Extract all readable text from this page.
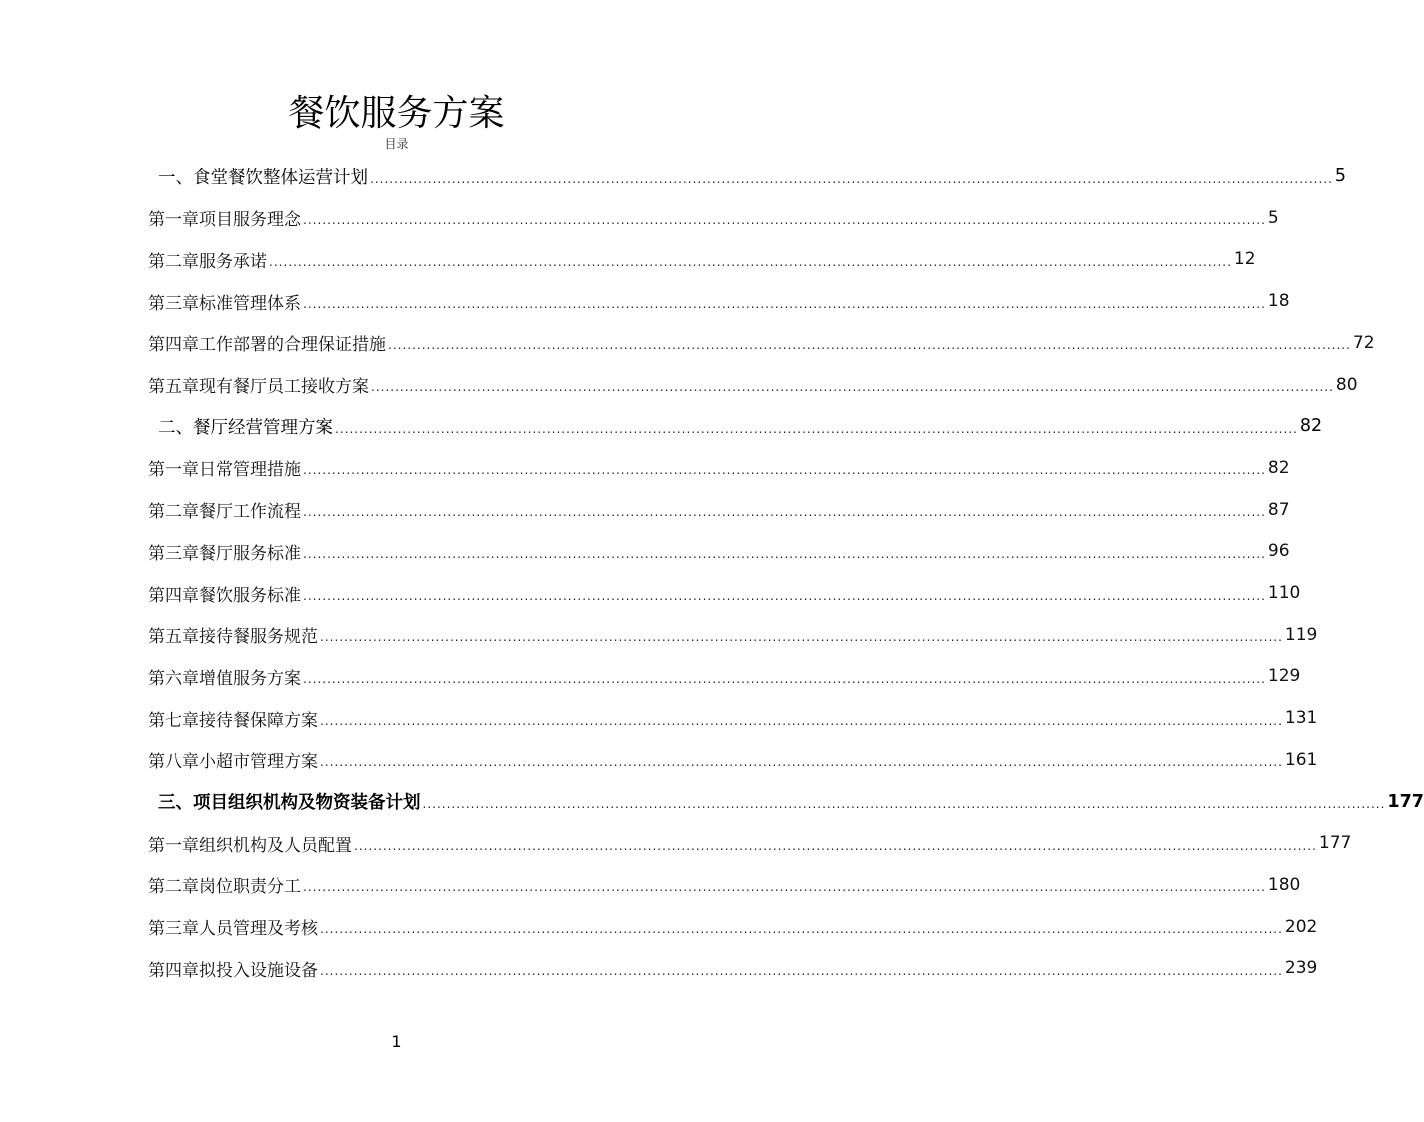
餐饮服务方案
目录
一、食堂餐饮整体运营计划 ........................................................................................................................................................................................................ 5
第一章项目服务理念 ........................................................................................................................................................................................................ 5
第二章服务承诺 ........................................................................................................................................................................................................ 12
第三章标准管理体系 ........................................................................................................................................................................................................ 18
第四章工作部署的合理保证措施 ........................................................................................................................................................................................................ 72
第五章现有餐厅员工接收方案 ........................................................................................................................................................................................................ 80
二、餐厅经营管理方案 ........................................................................................................................................................................................................ 82
第一章日常管理措施 ........................................................................................................................................................................................................ 82
第二章餐厅工作流程 ........................................................................................................................................................................................................ 87
第三章餐厅服务标准 ........................................................................................................................................................................................................ 96
第四章餐饮服务标准 ........................................................................................................................................................................................................ 110
第五章接待餐服务规范 ........................................................................................................................................................................................................ 119
第六章增值服务方案 ........................................................................................................................................................................................................ 129
第七章接待餐保障方案 ........................................................................................................................................................................................................ 131
第八章小超市管理方案 ........................................................................................................................................................................................................ 161
三、项目组织机构及物资装备计划 ........................................................................................................................................................................................................ 177
第一章组织机构及人员配置 ........................................................................................................................................................................................................ 177
第二章岗位职责分工 ........................................................................................................................................................................................................ 180
第三章人员管理及考核 ........................................................................................................................................................................................................ 202
第四章拟投入设施设备 ........................................................................................................................................................................................................ 239
1
